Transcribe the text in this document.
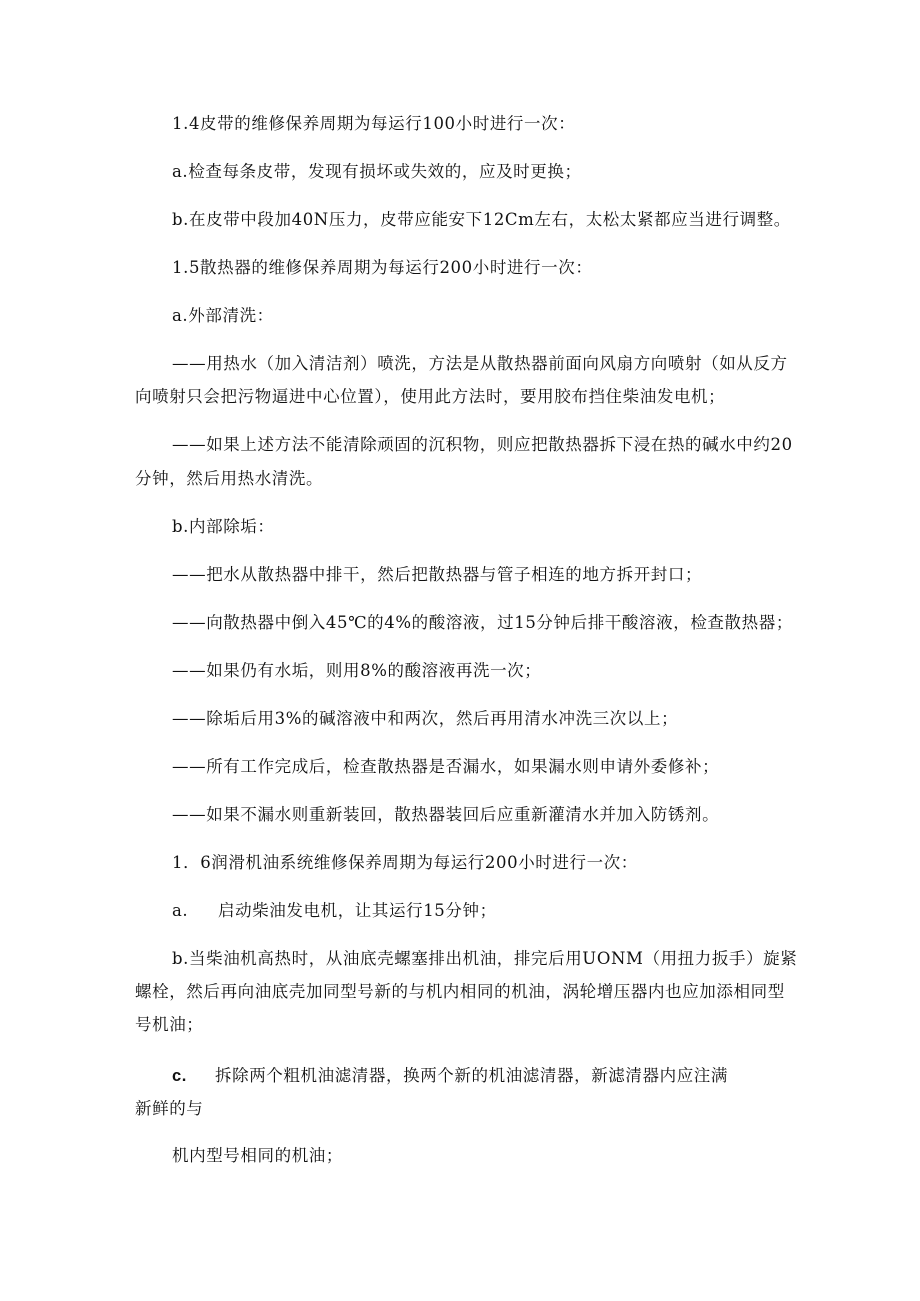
1.4皮带的维修保养周期为每运行100小时进行一次：
a.检查每条皮带，发现有损坏或失效的，应及时更换；
b.在皮带中段加40N压力，皮带应能安下12Cm左右，太松太紧都应当进行调整。
1.5散热器的维修保养周期为每运行200小时进行一次：
a.外部清洗：
——用热水（加入清洁剂）喷洗，方法是从散热器前面向风扇方向喷射（如从反方
向喷射只会把污物逼进中心位置），使用此方法时，要用胶布挡住柴油发电机；
——如果上述方法不能清除顽固的沉积物，则应把散热器拆下浸在热的碱水中约20
分钟，然后用热水清洗。
b.内部除垢：
——把水从散热器中排干，然后把散热器与管子相连的地方拆开封口；
——向散热器中倒入45℃的4%的酸溶液，过15分钟后排干酸溶液，检查散热器；
——如果仍有水垢，则用8%的酸溶液再洗一次；
——除垢后用3%的碱溶液中和两次，然后再用清水冲洗三次以上；
——所有工作完成后，检查散热器是否漏水，如果漏水则申请外委修补；
——如果不漏水则重新装回，散热器装回后应重新灌清水并加入防锈剂。
1．6润滑机油系统维修保养周期为每运行200小时进行一次：
a. 启动柴油发电机，让其运行15分钟；
b.当柴油机高热时，从油底壳螺塞排出机油，排完后用UONM（用扭力扳手）旋紧
螺栓，然后再向油底壳加同型号新的与机内相同的机油，涡轮增压器内也应加添相同型
号机油；
c. 拆除两个粗机油滤清器，换两个新的机油滤清器，新滤清器内应注满
新鲜的与
机内型号相同的机油；
